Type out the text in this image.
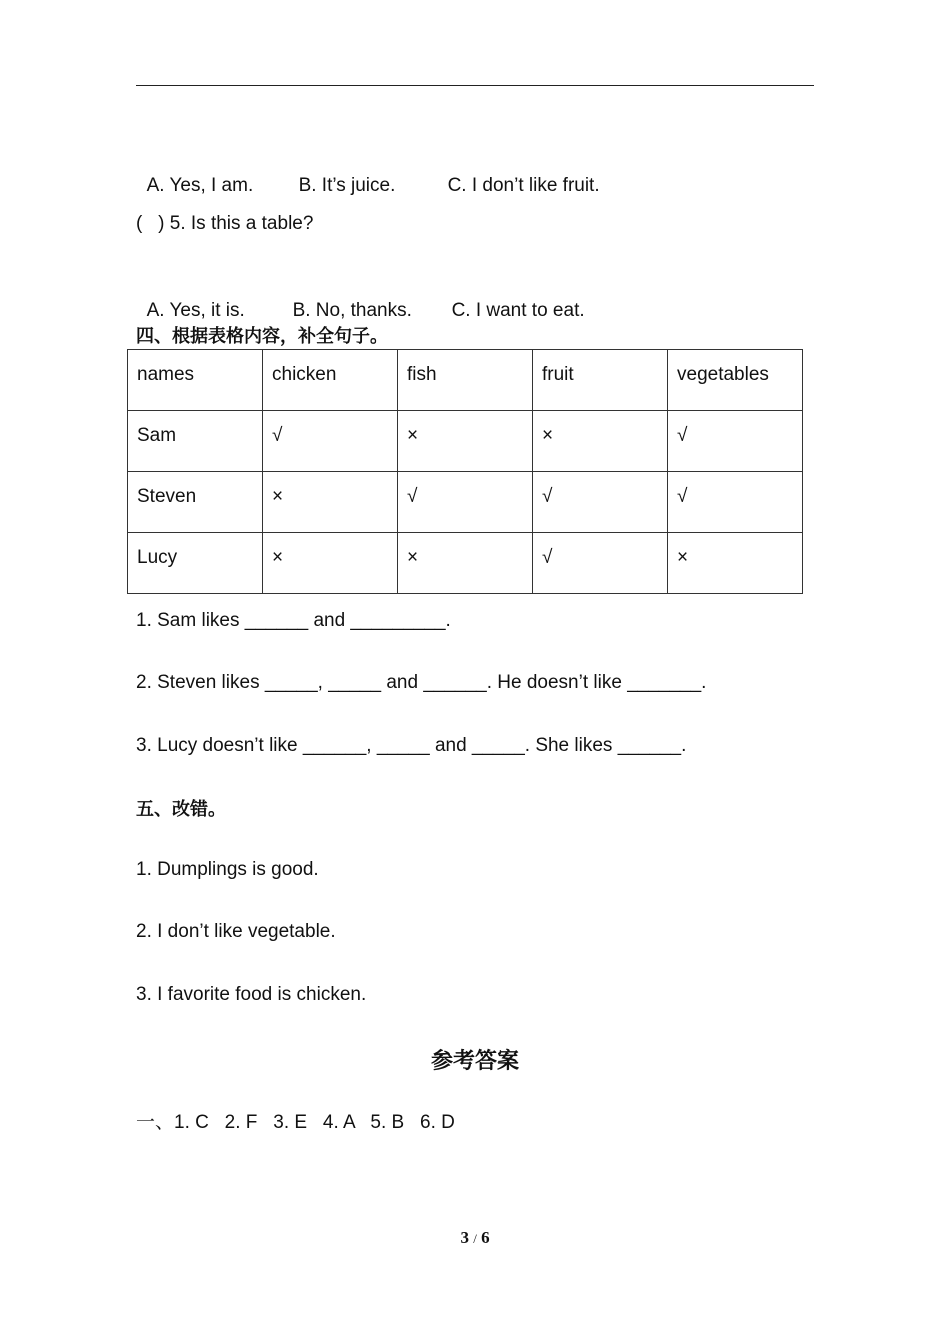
A. Yes, I am. B. It’s juice.	C. I don’t like fruit.

(   ) 5. Is this a table?

A. Yes, it is.	B. No, thanks. C. I want to eat.

四、根据表格内容，补全句子。
names	chicken	fish	fruit	vegetables

Sam	√	×	×	√

Steven	×	√	√	√

Lucy	×	×	√	×
1. Sam likes ______ and _________.
2. Steven likes _____, _____ and ______. He doesn’t like _______.
3. Lucy doesn’t like ______, _____ and _____. She likes ______.
五、改错。
1. Dumplings is good.
2. I don’t like vegetable.
3. I favorite food is chicken.
参考答案
一、1. C   2. F   3. E   4. A   5. B   6. D
3 / 6
